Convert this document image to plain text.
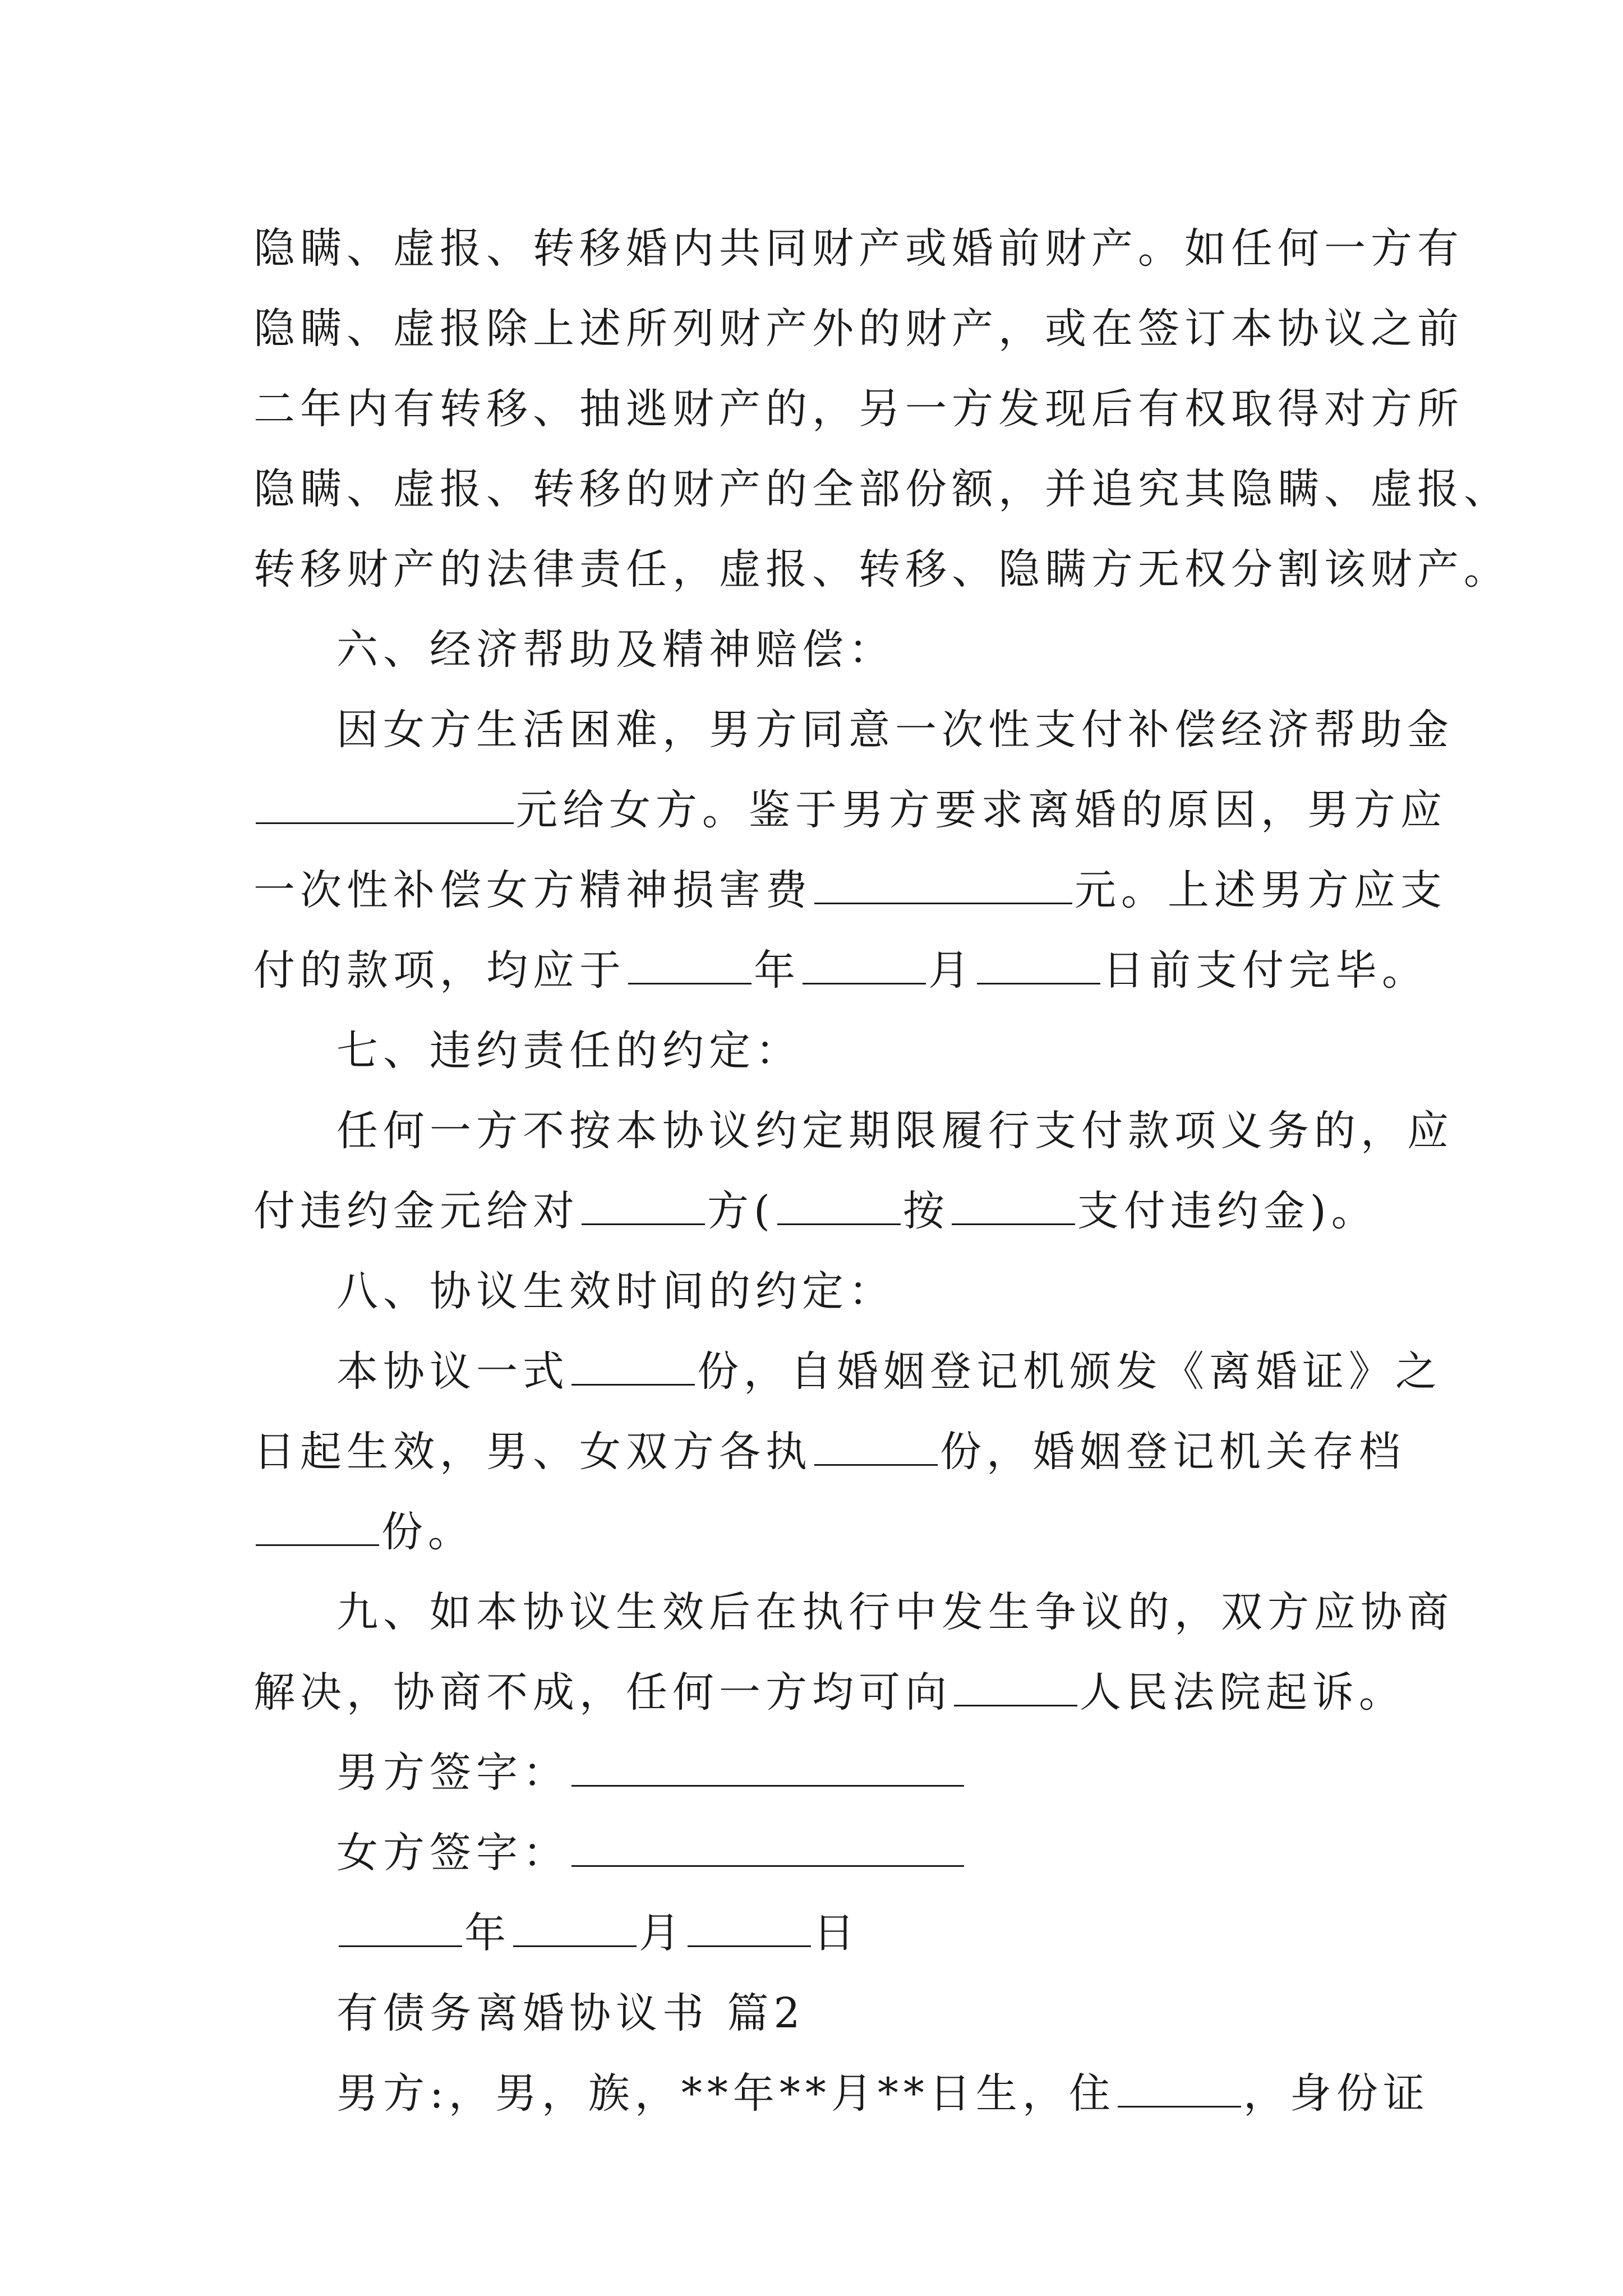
隐瞒、虚报、转移婚内共同财产或婚前财产。如任何一方有
隐瞒、虚报除上述所列财产外的财产，或在签订本协议之前
二年内有转移、抽逃财产的，另一方发现后有权取得对方所
隐瞒、虚报、转移的财产的全部份额，并追究其隐瞒、虚报、
转移财产的法律责任，虚报、转移、隐瞒方无权分割该财产。
六、经济帮助及精神赔偿：
因女方生活困难，男方同意一次性支付补偿经济帮助金
元给女方。鉴于男方要求离婚的原因，男方应
一次性补偿女方精神损害费	元。上述男方应支
付的款项，均应于	年	月	日前支付完毕。
七、违约责任的约定：
任何一方不按本协议约定期限履行支付款项义务的，应
付违约金元给对	方(	按	支付违约金)。
八、协议生效时间的约定：
本协议一式	份，自婚姻登记机颁发《离婚证》之
日起生效，男、女双方各执	份，婚姻登记机关存档
份。
九、如本协议生效后在执行中发生争议的，双方应协商
解决，协商不成，任何一方均可向	人民法院起诉。
男方签字：
女方签字：
年	月	日
有债务离婚协议书 篇2
男方:，男，族，**年**月**日生，住	，身份证
